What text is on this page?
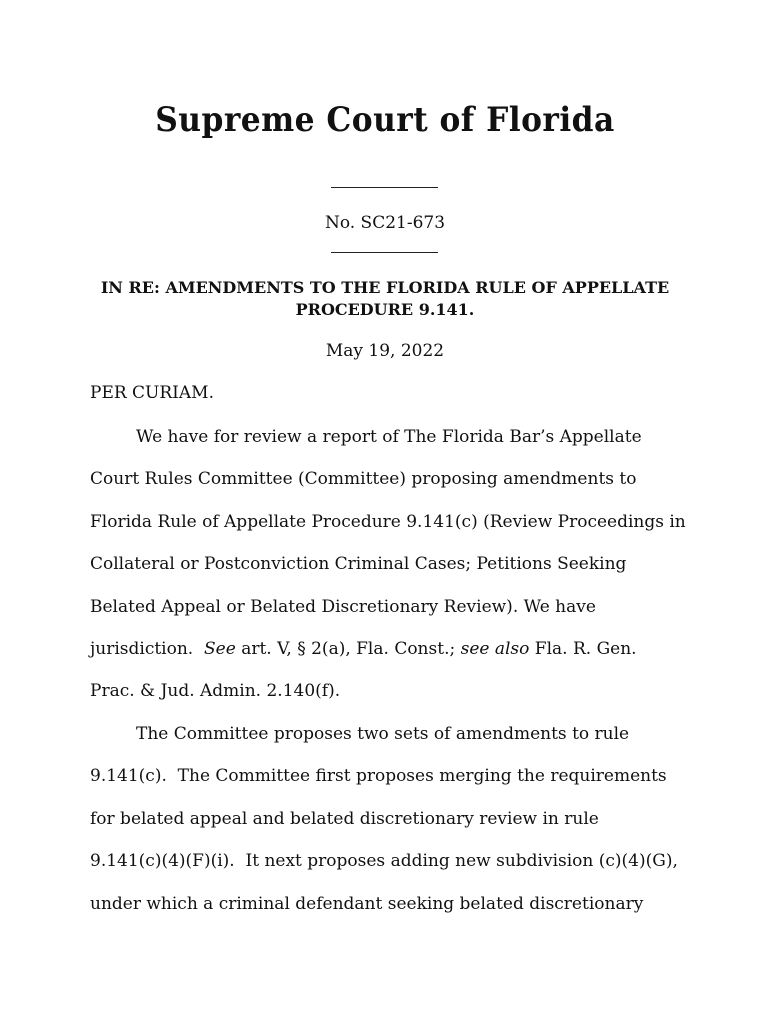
Supreme Court of Florida
No. SC21-673
IN RE: AMENDMENTS TO THE FLORIDA RULE OF APPELLATE
PROCEDURE 9.141.
May 19, 2022
PER CURIAM.
We have for review a report of The Florida Bar’s Appellate
Court Rules Committee (Committee) proposing amendments to
Florida Rule of Appellate Procedure 9.141(c) (Review Proceedings in
Collateral or Postconviction Criminal Cases; Petitions Seeking
Belated Appeal or Belated Discretionary Review). We have
jurisdiction.  See art. V, § 2(a), Fla. Const.; see also Fla. R. Gen.
Prac. & Jud. Admin. 2.140(f).
The Committee proposes two sets of amendments to rule
9.141(c).  The Committee first proposes merging the requirements
for belated appeal and belated discretionary review in rule
9.141(c)(4)(F)(i).  It next proposes adding new subdivision (c)(4)(G),
under which a criminal defendant seeking belated discretionary
